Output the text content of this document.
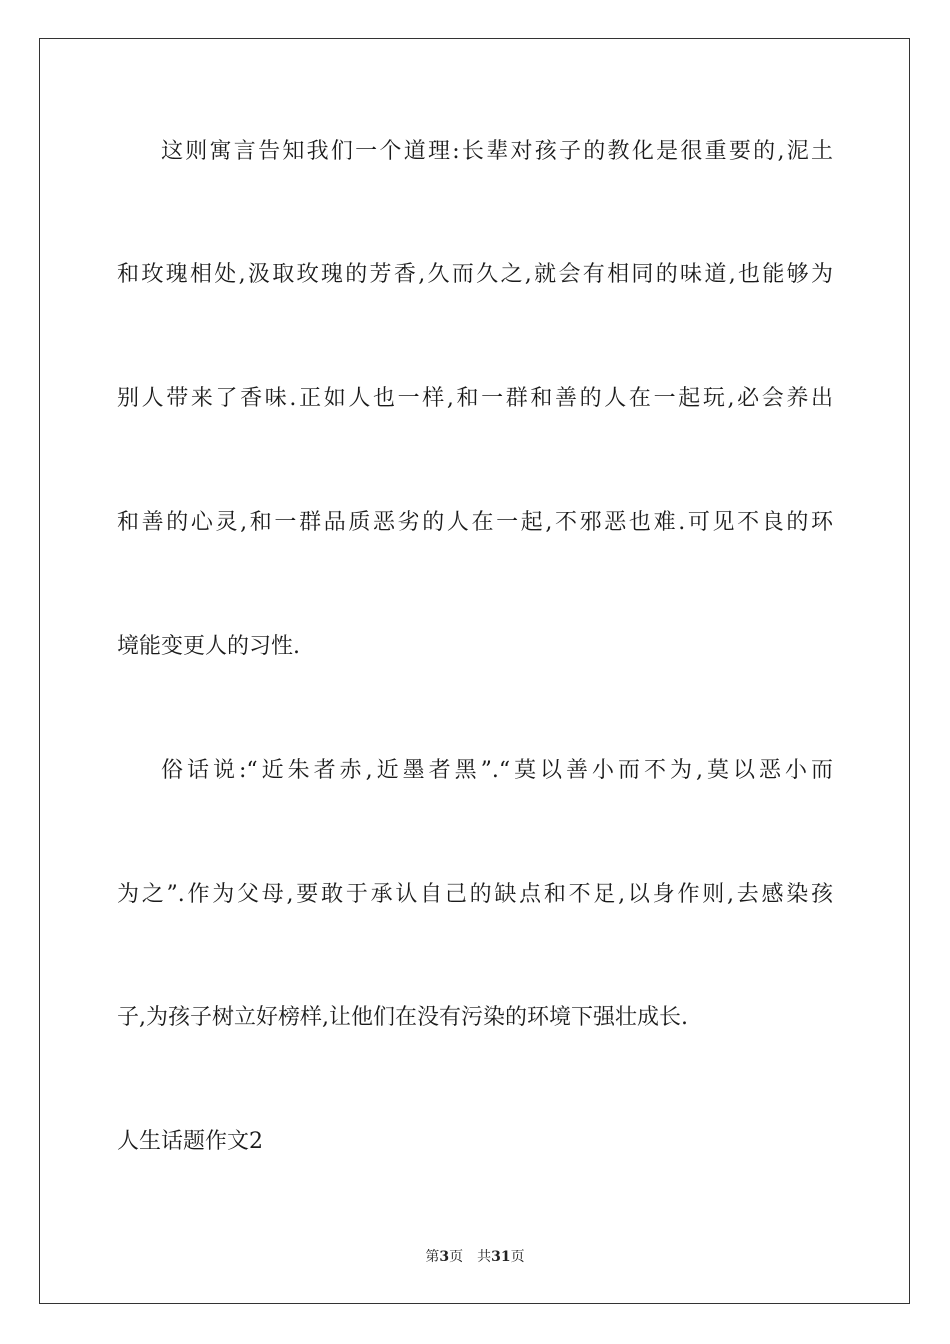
这则寓言告知我们一个道理:长辈对孩子的教化是很重要的,泥土

和玫瑰相处,汲取玫瑰的芳香,久而久之,就会有相同的味道,也能够为

别人带来了香味.正如人也一样,和一群和善的人在一起玩,必会养出

和善的心灵,和一群品质恶劣的人在一起,不邪恶也难.可见不良的环

境能变更人的习性.

俗话说:“近朱者赤,近墨者黑”.“莫以善小而不为,莫以恶小而

为之”.作为父母,要敢于承认自己的缺点和不足,以身作则,去感染孩

子,为孩子树立好榜样,让他们在没有污染的环境下强壮成长.

人生话题作文2

第3页 共31页
